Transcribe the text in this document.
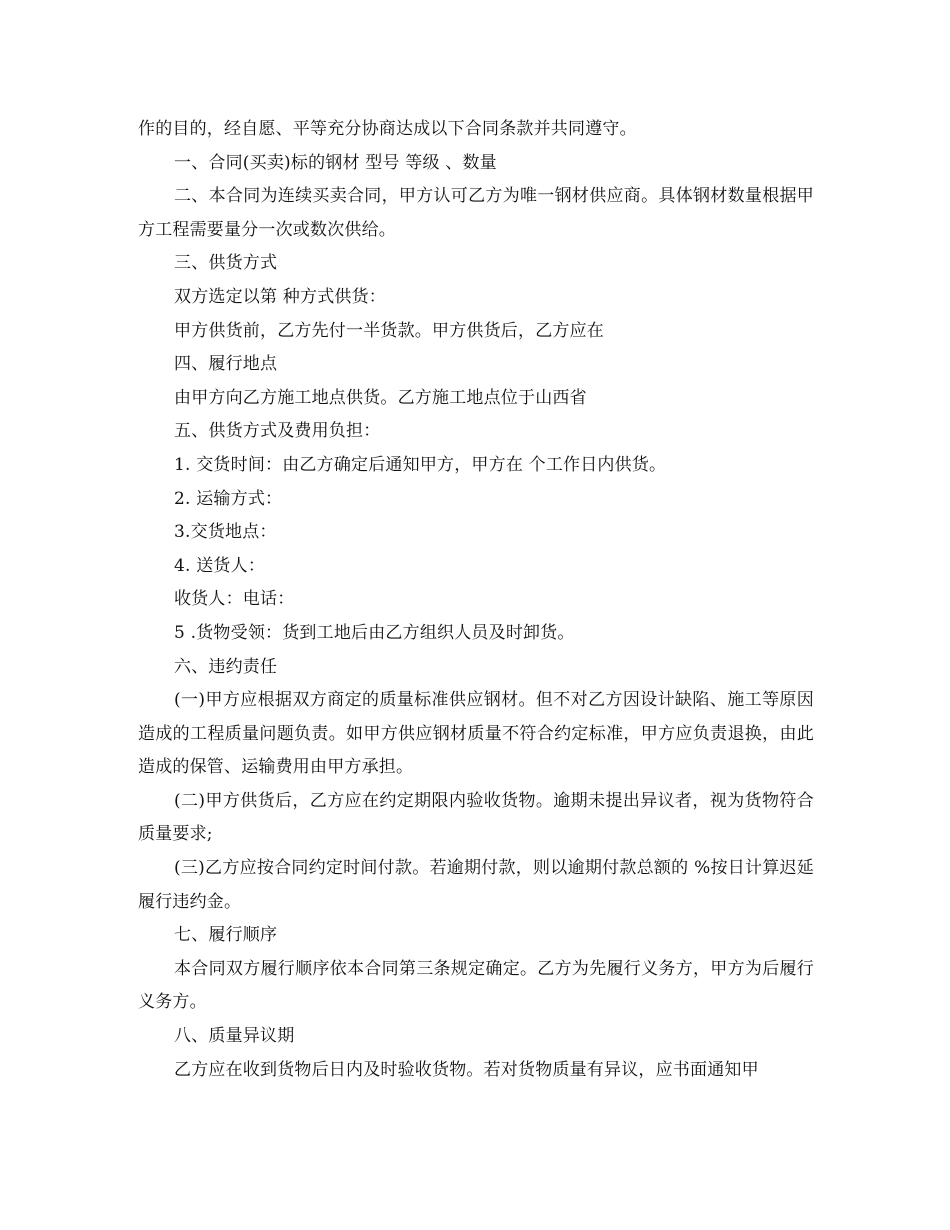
作的目的，经自愿、平等充分协商达成以下合同条款并共同遵守。

一、合同(买卖)标的钢材 型号 等级 、数量

二、本合同为连续买卖合同，甲方认可乙方为唯一钢材供应商。具体钢材数量根据甲方工程需要量分一次或数次供给。

三、供货方式

双方选定以第 种方式供货：

甲方供货前，乙方先付一半货款。甲方供货后，乙方应在

四、履行地点

由甲方向乙方施工地点供货。乙方施工地点位于山西省

五、供货方式及费用负担：

1. 交货时间：由乙方确定后通知甲方，甲方在 个工作日内供货。

2. 运输方式：

3.交货地点：

4. 送货人：

收货人：电话：

5 .货物受领：货到工地后由乙方组织人员及时卸货。

六、违约责任

(一)甲方应根据双方商定的质量标准供应钢材。但不对乙方因设计缺陷、施工等原因造成的工程质量问题负责。如甲方供应钢材质量不符合约定标准，甲方应负责退换，由此造成的保管、运输费用由甲方承担。

(二)甲方供货后，乙方应在约定期限内验收货物。逾期未提出异议者，视为货物符合质量要求;

(三)乙方应按合同约定时间付款。若逾期付款，则以逾期付款总额的 %按日计算迟延履行违约金。

七、履行顺序

本合同双方履行顺序依本合同第三条规定确定。乙方为先履行义务方，甲方为后履行义务方。

八、质量异议期

乙方应在收到货物后日内及时验收货物。若对货物质量有异议，应书面通知甲
